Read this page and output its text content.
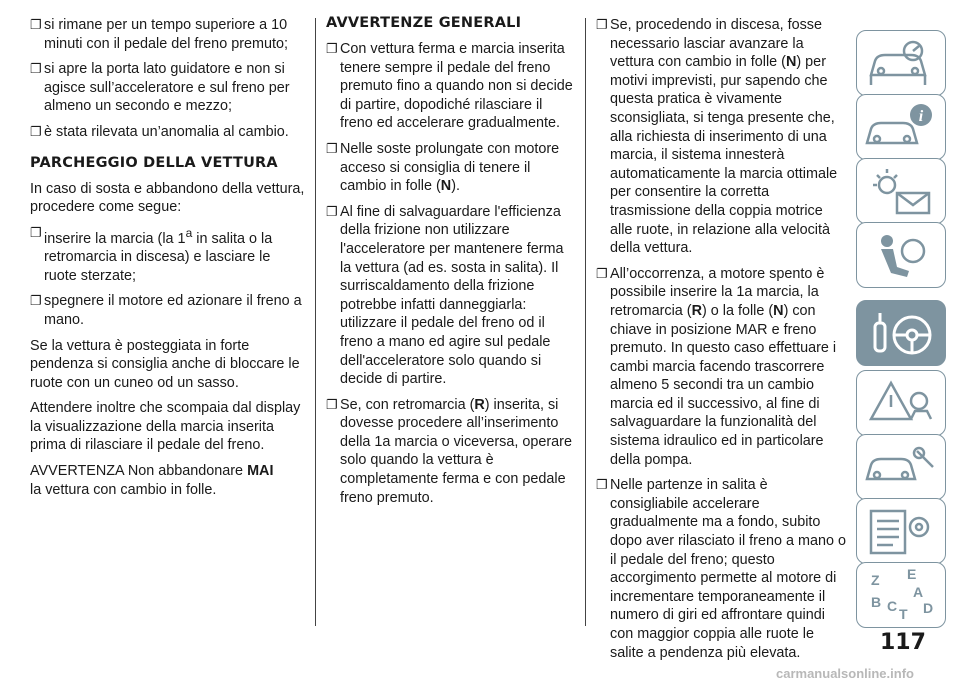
❐ si rimane per un tempo superiore a 10 minuti con il pedale del freno premuto;
❐ si apre la porta lato guidatore e non si agisce sull’acceleratore e sul freno per almeno un secondo e mezzo;
❐ è stata rilevata un’anomalia al cambio.
PARCHEGGIO DELLA VETTURA
In caso di sosta e abbandono della vettura, procedere come segue:
❐ inserire la marcia (la 1$^a$ in salita o la retromarcia in discesa) e lasciare le ruote sterzate;
❐ spegnere il motore ed azionare il freno a mano.
Se la vettura è posteggiata in forte pendenza si consiglia anche di bloccare le ruote con un cuneo od un sasso.
Attendere inoltre che scompaia dal display la visualizzazione della marcia inserita prima di rilasciare il pedale del freno.
AVVERTENZA Non abbandonare MAI
la vettura con cambio in folle.
AVVERTENZE GENERALI
❐ Con vettura ferma e marcia inserita tenere sempre il pedale del freno premuto fino a quando non si decide di partire, dopodiché rilasciare il freno ed accelerare gradualmente.
❐ Nelle soste prolungate con motore acceso si consiglia di tenere il cambio in folle (N).
❐ Al fine di salvaguardare l'efficienza della frizione non utilizzare l'acceleratore per mantenere ferma la vettura (ad es. sosta in salita). Il surriscaldamento della frizione potrebbe infatti danneggiarla: utilizzare il pedale del freno od il freno a mano ed agire sul pedale dell'acceleratore solo quando si decide di partire.
❐ Se, con retromarcia (R) inserita, si dovesse procedere all’inserimento della 1a marcia o viceversa, operare solo quando la vettura è completamente ferma e con pedale freno premuto.
❐ Se, procedendo in discesa, fosse necessario lasciar avanzare la vettura con cambio in folle (N) per motivi imprevisti, pur sapendo che questa pratica è vivamente sconsigliata, si tenga presente che, alla richiesta di inserimento di una marcia, il sistema innesterà automaticamente la marcia ottimale per consentire la corretta trasmissione della coppia motrice alle ruote, in relazione alla velocità della vettura.
❐ All’occorrenza, a motore spento è possibile inserire la 1a marcia, la retromarcia (R) o la folle (N) con chiave in posizione MAR e freno premuto. In questo caso effettuare i cambi marcia facendo trascorrere almeno 5 secondi tra un cambio marcia ed il successivo, al fine di salvaguardare la funzionalità del sistema idraulico ed in particolare della pompa.
❐ Nelle partenze in salita è consigliabile accelerare gradualmente ma a fondo, subito dopo aver rilasciato il freno a mano o il pedale del freno; questo accorgimento permette al motore di incrementare temporaneamente il numero di giri ed affrontare quindi con maggior coppia alle ruote le salite a pendenza più elevata.
i
Z E
A
B C T D
117
carmanualsonline.info
